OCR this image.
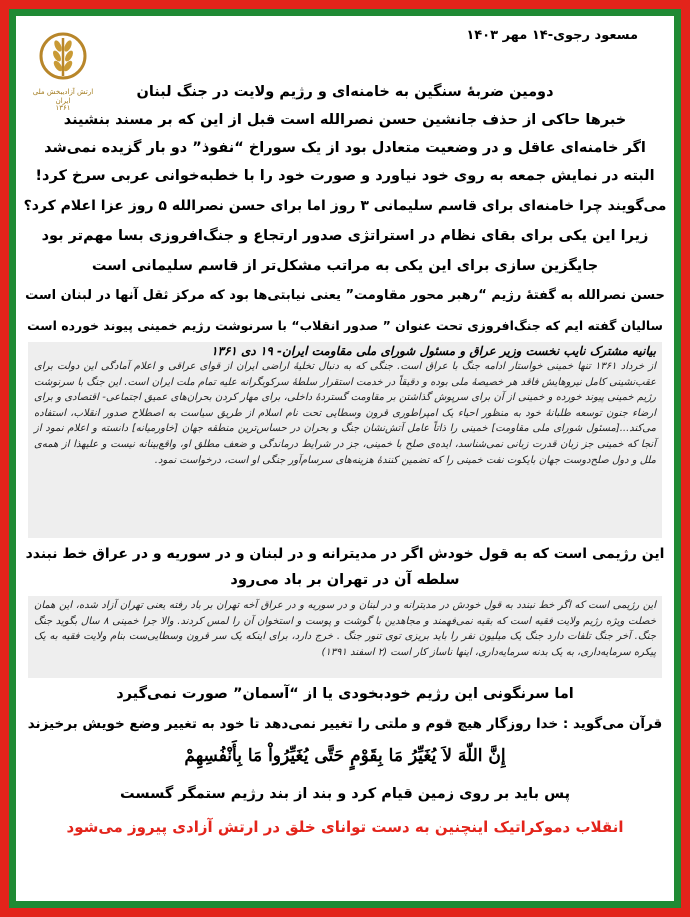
ارتش آزادیبخش ملی ایران
۱۳۶۱
مسعود رجوی-۱۴ مهر ۱۴۰۳
دومین ضربهٔ سنگین به خامنه‌ای و رژیم ولایت در جنگ لبنان
خبرها حاکی از حذف جانشین حسن نصرالله است قبل از این که بر مسند بنشیند
اگر خامنه‌ای عاقل و در وضعیت متعادل بود از یک سوراخ “نفوذ” دو بار گزیده نمی‌شد
البته در نمایش جمعه به روی خود نیاورد و صورت خود را با خطبه‌خوانی عربی سرخ کرد!
می‌گویند چرا خامنه‌ای برای قاسم سلیمانی ۳ روز اما برای حسن نصرالله ۵ روز عزا اعلام کرد؟
زیرا این یکی برای بقای نظام در استراتژی صدور ارتجاع و جنگ‌افروزی بسا مهم‌تر بود
جایگزین سازی برای این یکی به مراتب مشکل‌تر از قاسم سلیمانی است
حسن نصرالله به گفتهٔ رژیم “رهبر محور مقاومت” یعنی نیابتی‌ها بود که مرکز ثقل آنها در لبنان است
سالیان گفته ایم که جنگ‌افروزی تحت عنوان ” صدور انقلاب“ با سرنوشت رژیم خمینی پیوند خورده است
بیانیه مشترک نایب نخست وزیر عراق و مسئول شورای ملی مقاومت ایران- ۱۹ دی ۱۳۶۱
از خرداد ۱۳۶۱ تنها خمینی خواستار ادامه جنگ با عراق است. جنگی که به دنبال تخلیهٔ اراضی ایران از قوای عراقی و اعلام آمادگی این دولت برای عقب‌نشینی کامل نیروهایش فاقد هر خصیصهٔ ملی بوده و دقیقاً در خدمت استقرار سلطهٔ سرکوبگرانه علیه تمام ملت ایران است. این جنگ با سرنوشت رژیم خمینی پیوند خورده و خمینی از آن برای سرپوش گذاشتن بر مقاومت گستردهٔ داخلی، برای مهار کردن بحران‌های عمیق اجتماعی- اقتصادی و برای ارضاء جنون توسعه طلبانهٔ خود به منظور احیاء یک امپراطوری قرون وسطایی تحت نام اسلام از طریق سیاست به اصطلاح صدور انقلاب، استفاده می‌کند...[مسئول شورای ملی مقاومت] خمینی را ذاتاً عامل آتش‌نشان جنگ و بحران در حساس‌ترین منطقه جهان [خاورمیانه] دانسته و اعلام نمود از آنجا که خمینی جز زبان قدرت زبانی نمی‌شناسد، ایده‌ی صلح با خمینی، جز در شرایط درماندگی و ضعف مطلق او، واقع‌بینانه نیست و علیهذا از همه‌ی ملل و دول صلح‌دوست جهان بایکوت نفت خمینی را که تضمین کنندهٔ هزینه‌های سرسام‌آور جنگی او است، درخواست نمود.
این رژیمی است که به قول خودش اگر در مدیترانه و در لبنان و در سوریه و در عراق خط نبندد
سلطه آن در تهران بر باد می‌رود
این رژیمی است که اگر خط نبندد به قول خودش در مدیترانه و در لبنان و در سوریه و در عراق آخه تهران بر باد رفته یعنی تهران آزاد شده، این همان خصلت ویژه رژیم ولایت فقیه است که بقیه نمی‌فهمند و مجاهدین با گوشت و پوست و استخوان آن را لمس کردند. والا جرا خمینی ۸ سال بگوید جنگ جنگ. آخر جنگ تلفات دارد جنگ یک میلیون نفر را باید بریزی توی تنور جنگ . خرج دارد، برای اینکه یک سر قرون وسطایی‌ست بنام ولایت فقیه به یک پیکره سرمایه‌داری، به یک بدنه سرمایه‌داری، اینها ناساز کار است (۲ اسفند ۱۳۹۱)
اما سرنگونی این رژیم خودبخودی یا از “آسمان” صورت نمی‌گیرد
قرآن می‌گوید : خدا روزگار هیچ قوم و ملتی را تغییر نمی‌دهد تا خود به تغییر وضع خویش برخیزند
إِنَّ اللّهَ لاَ يُغَيِّرُ مَا بِقَوْمٍ حَتَّى يُغَيِّرُواْ مَا بِأَنْفُسِهِمْ
پس باید بر روی زمین قیام کرد و بند از بند رژیم ستمگر گسست
انقلاب دموکراتیک اینچنین به دست توانای خلق در ارتش آزادی پیروز می‌شود
